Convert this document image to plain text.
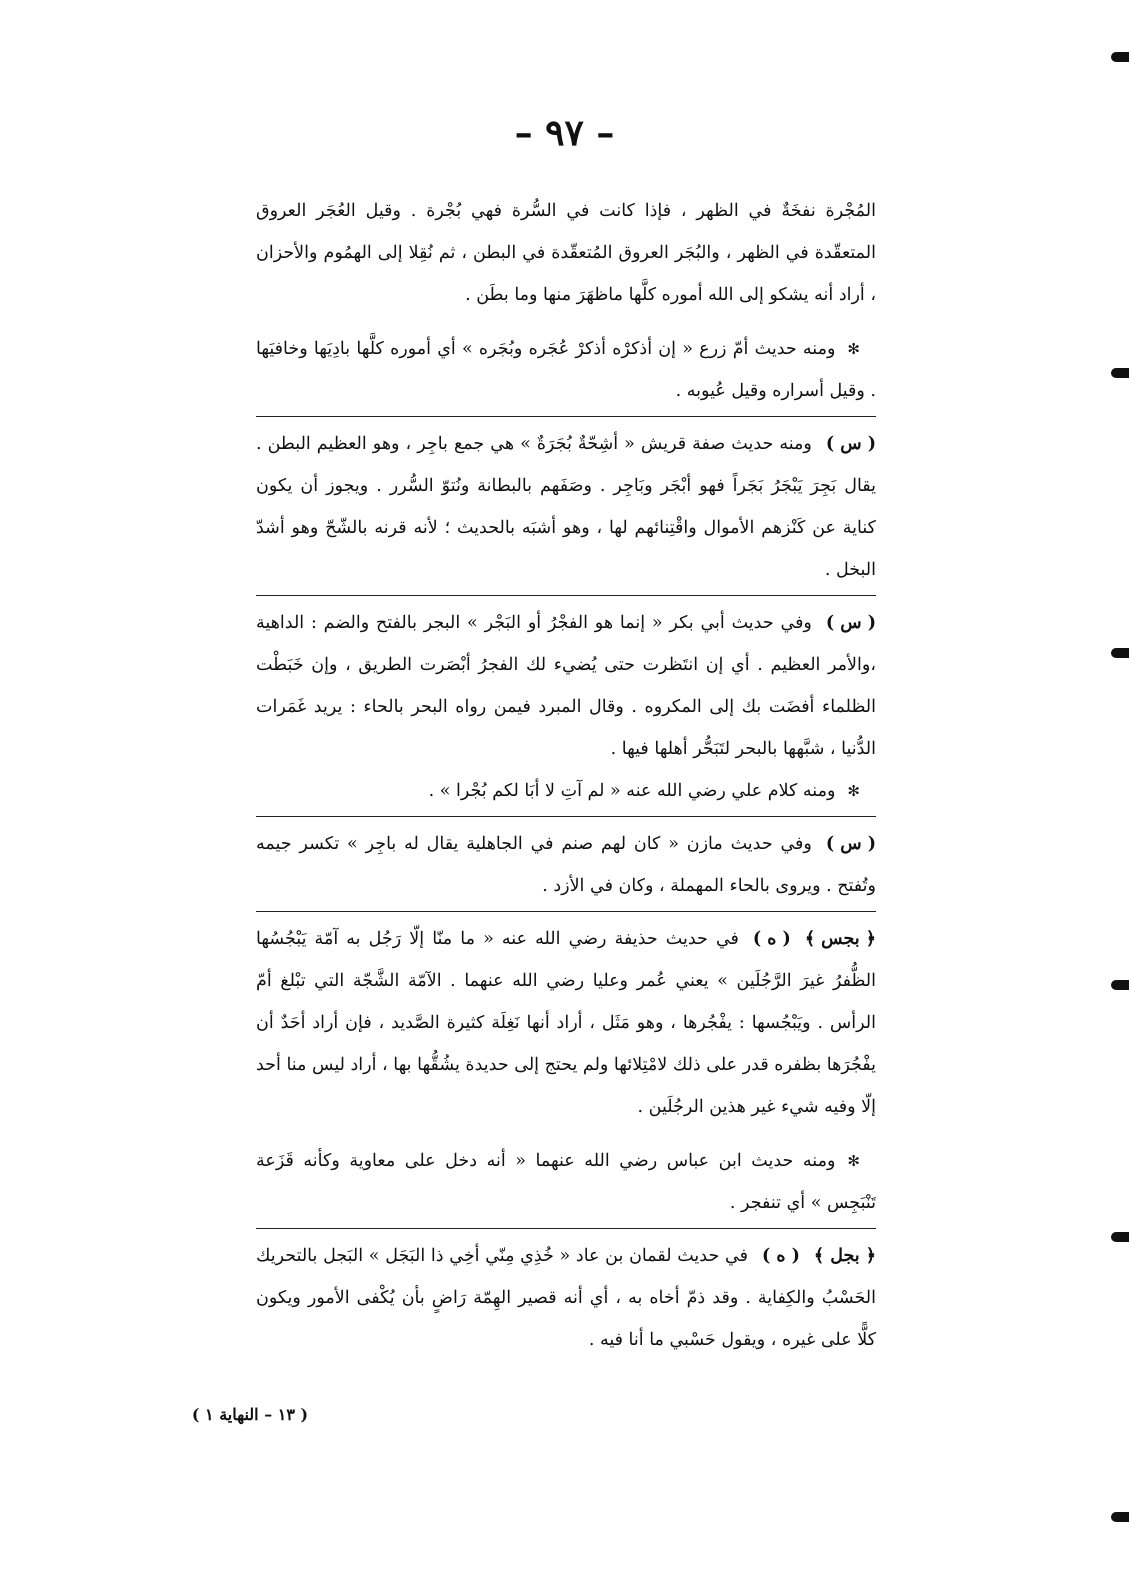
– ٩٧ –

المُجْرة نفخَةٌ في الظهر ، فإذا كانت في السُّرة فهي بُجْرة . وقيل العُجَر العروق المتعقّدة في الظهر ، والبُجَر العروق المُتعقّدة في البطن ، ثم نُقِلا إلى الهمُوم والأحزان ، أراد أنه يشكو إلى الله أموره كلَّها ماظهَرَ منها وما بطَن .

✻ومنه حديث أمّ زرع « إن أذكرْه أذكرْ عُجَره وبُجَره » أي أموره كلَّها بادِيَها وخافيَها . وقيل أسراره وقيل عُيوبه .

( س )ومنه حديث صفة قريش « أشِحّةٌ بُجَرَةٌ » هي جمع باجِر ، وهو العظيم البطن . يقال بَجِرَ يَبْجَرُ بَجَراً فهو أبْجَر وبَاجِر . وصَفَهم بالبطانة ونُتوّ السُّرر . ويجوز أن يكون كناية عن كَنْزهم الأموال واقْتِنائهم لها ، وهو أشبَه بالحديث ؛ لأنه قرنه بالشّحّ وهو أشدّ البخل .

( س )وفي حديث أبي بكر « إنما هو الفجْرُ أو البَجْر » البجر بالفتح والضم : الداهية ،والأمر العظيم . أي إن انتَظرت حتى يُضيء لك الفجرُ أبْصَرت الطريق ، وإن خَبَطْت الظلماء أفضَت بك إلى المكروه . وقال المبرد فيمن رواه البحر بالحاء : يريد غَمَرات الدُّنيا ، شبَّهها بالبحر لتَبَحُّر أهلها فيها .

✻ومنه كلام علي رضي الله عنه « لم آتِ لا أبَا لكم بُجْرا » .

( س )وفي حديث مازن « كان لهم صنم في الجاهلية يقال له باجِر » تكسر جيمه وتُفتح . ويروى بالحاء المهملة ، وكان في الأزد .

﴿ بجس ﴾( ه )في حديث حذيفة رضي الله عنه « ما منّا إلّا رَجُل به آمّة يَبْجُسُها الظُّفرُ غيرَ الرَّجُلَين » يعني عُمر وعليا رضي الله عنهما . الآمّة الشَّجّة التي تبْلغ أمّ الرأس . ويَبْجُسها : يفْجُرها ، وهو مَثَل ، أراد أنها نَغِلَة كثيرة الصَّديد ، فإن أراد أحَدٌ أن يفْجُرَها بظفره قدر على ذلك لامْتِلائها ولم يحتج إلى حديدة يشُقُّها بها ، أراد ليس منا أحد إلّا وفيه شيء غير هذين الرجُلَين .

✻ومنه حديث ابن عباس رضي الله عنهما « أنه دخل على معاوية وكأنه قَزَعة تَنْبَجِس » أي تنفجر .

﴿ بجل ﴾( ه )في حديث لقمان بن عاد « خُذِي مِنّي أخِي ذا البَجَل » البَجل بالتحريك الحَسْبُ والكِفاية . وقد ذمّ أخاه به ، أي أنه قصير الهِمّة رَاضٍ بأن يُكْفى الأمور ويكون كلًّا على غيره ، ويقول حَسْبي ما أنا فيه .

( ١٣ – النهاية ١ )
